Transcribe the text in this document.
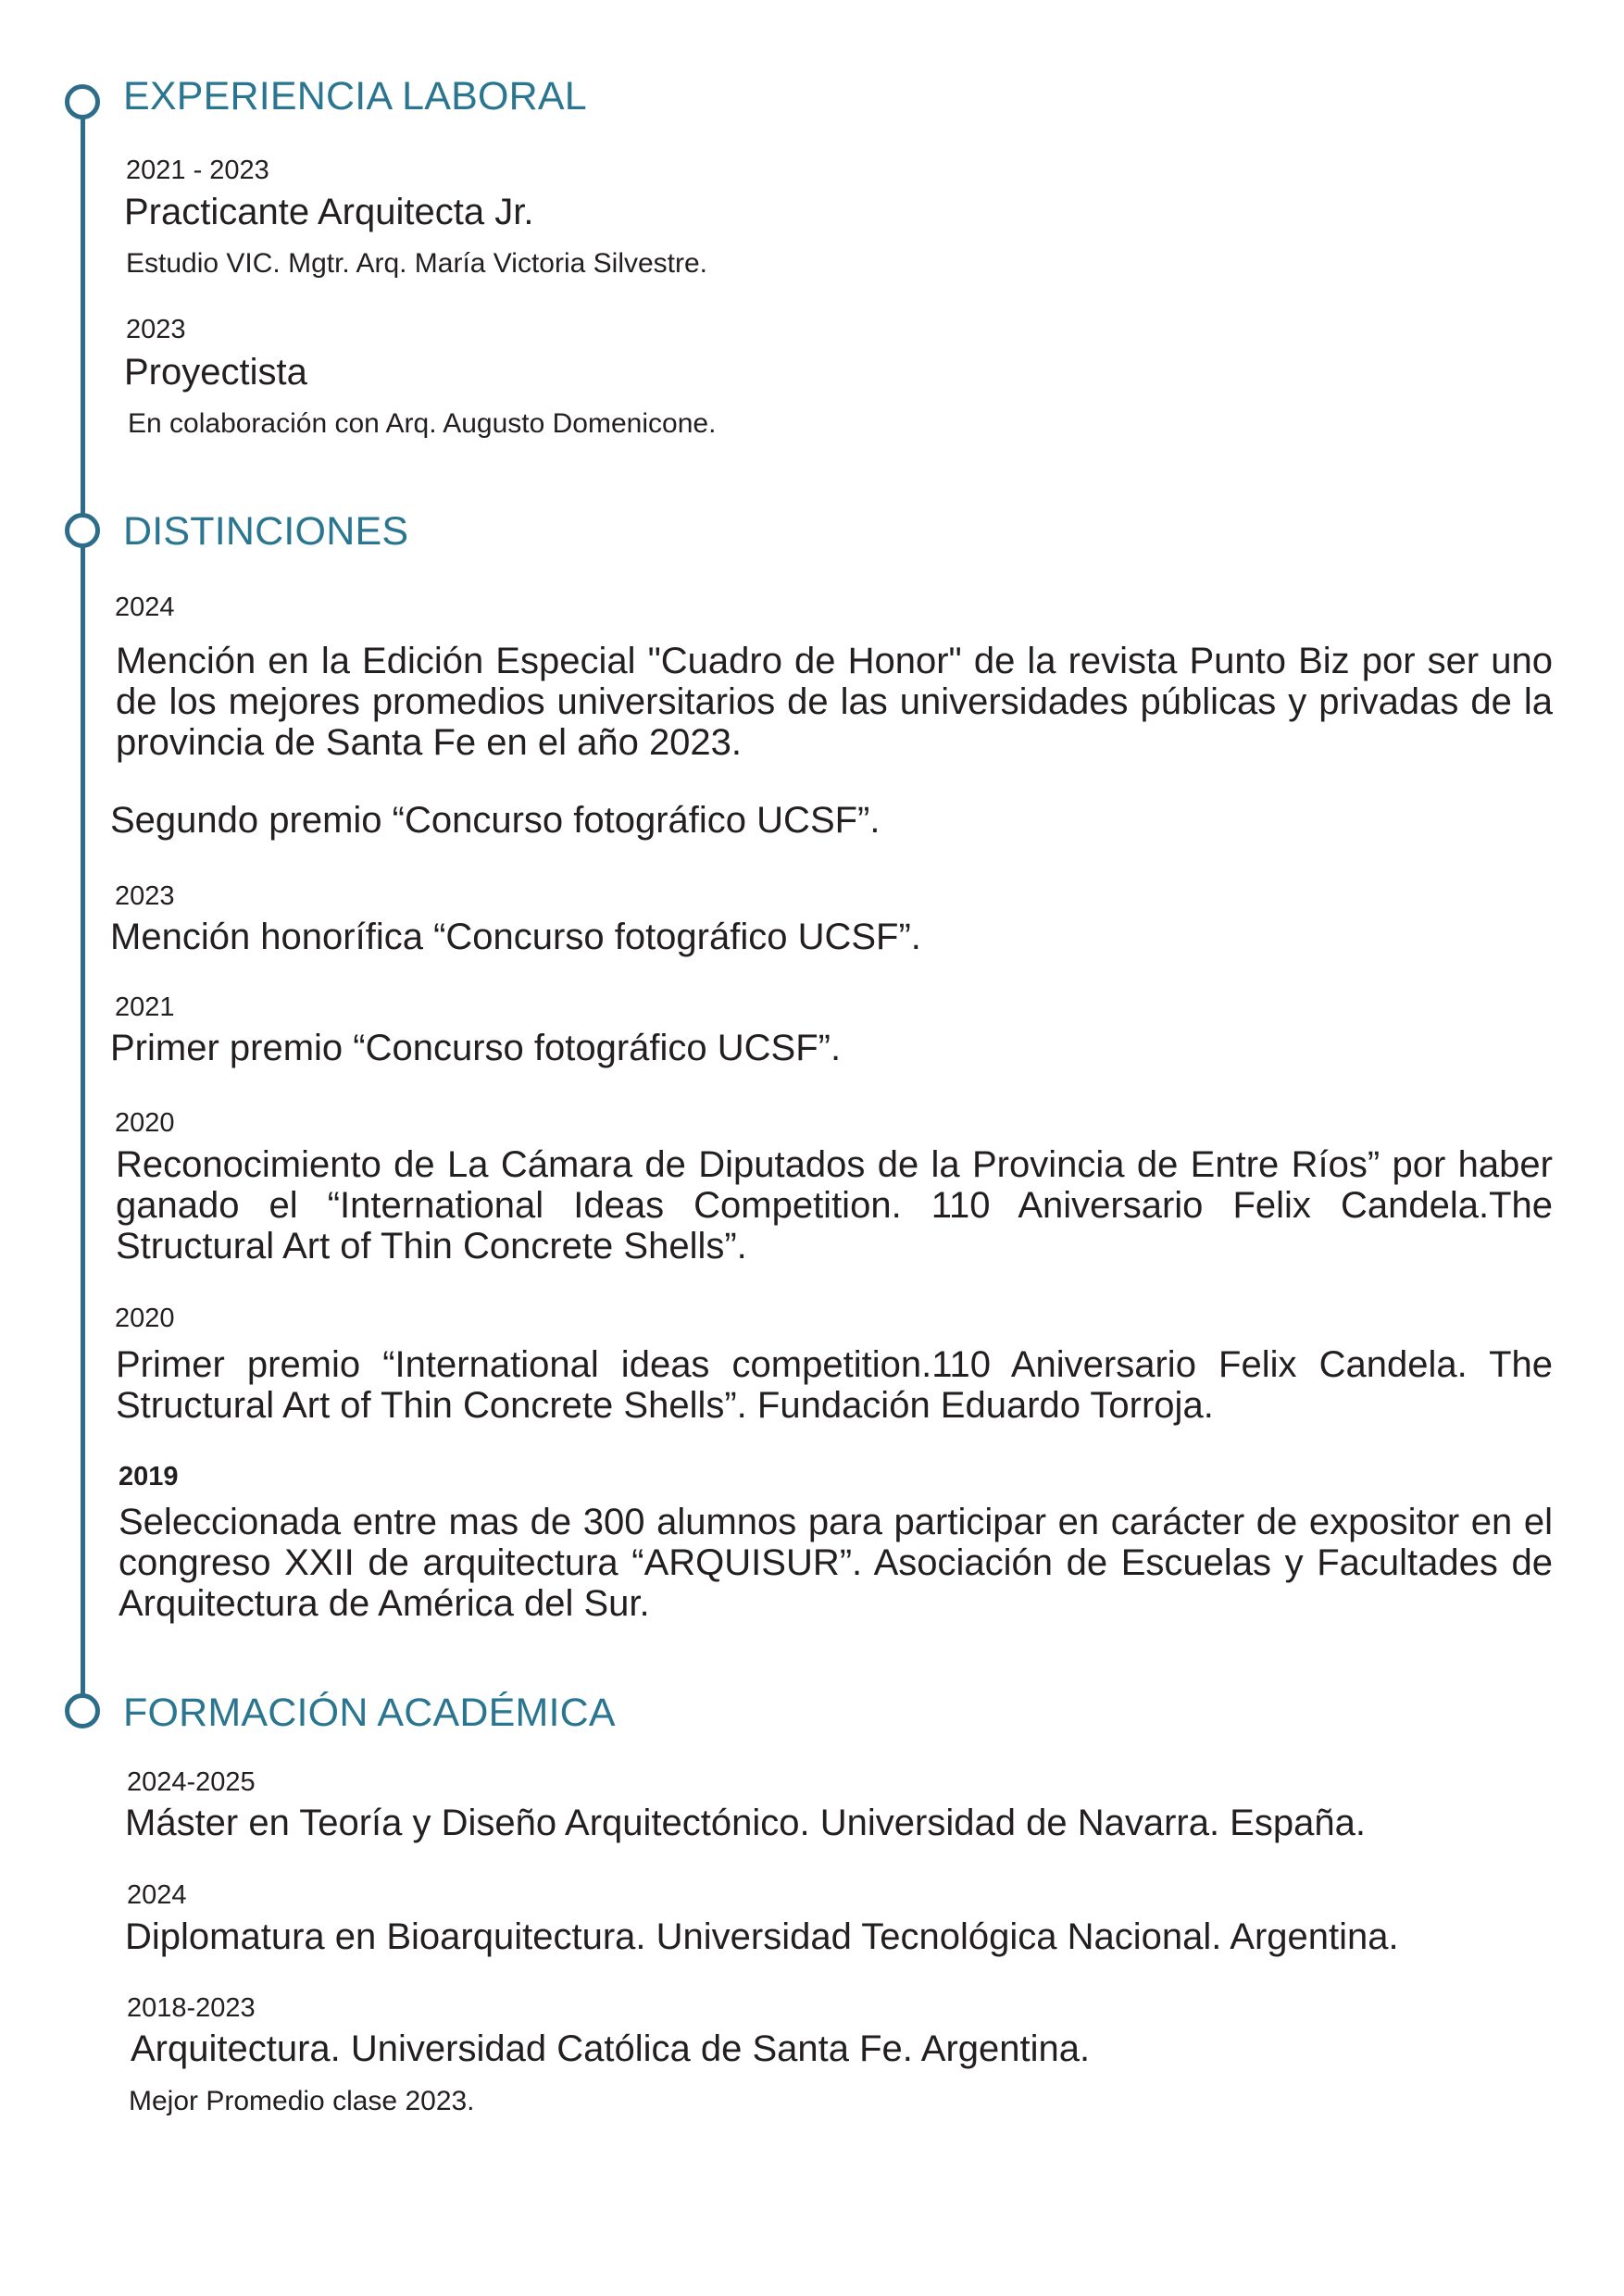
EXPERIENCIA LABORAL
2021 - 2023
Practicante Arquitecta Jr.
Estudio VIC. Mgtr. Arq. María Victoria Silvestre.
2023
Proyectista
En colaboración con Arq. Augusto Domenicone.
DISTINCIONES
2024
Mención en la Edición Especial "Cuadro de Honor" de la revista Punto Biz por ser uno de los mejores promedios universitarios de las universidades públicas y privadas de la provincia de Santa Fe en el año 2023.
Segundo premio “Concurso fotográfico UCSF”.
2023
Mención honorífica “Concurso fotográfico UCSF”.
2021
Primer premio “Concurso fotográfico UCSF”.
2020
Reconocimiento de La Cámara de Diputados de la Provincia de Entre Ríos” por haber ganado el “International Ideas Competition. 110 Aniversario Felix Candela.The Structural Art of Thin Concrete Shells”.
2020
Primer premio “International ideas competition.110 Aniversario Felix Candela. The Structural Art of Thin Concrete Shells”. Fundación Eduardo Torroja.
2019
Seleccionada entre mas de 300 alumnos para participar en carácter de expositor en el congreso XXII de arquitectura “ARQUISUR”. Asociación de Escuelas y Facultades de Arquitectura de América del Sur.
FORMACIÓN ACADÉMICA
2024-2025
Máster en Teoría y Diseño Arquitectónico. Universidad de Navarra. España.
2024
Diplomatura en Bioarquitectura. Universidad Tecnológica Nacional. Argentina.
2018-2023
Arquitectura. Universidad Católica de Santa Fe. Argentina.
Mejor Promedio clase 2023.
